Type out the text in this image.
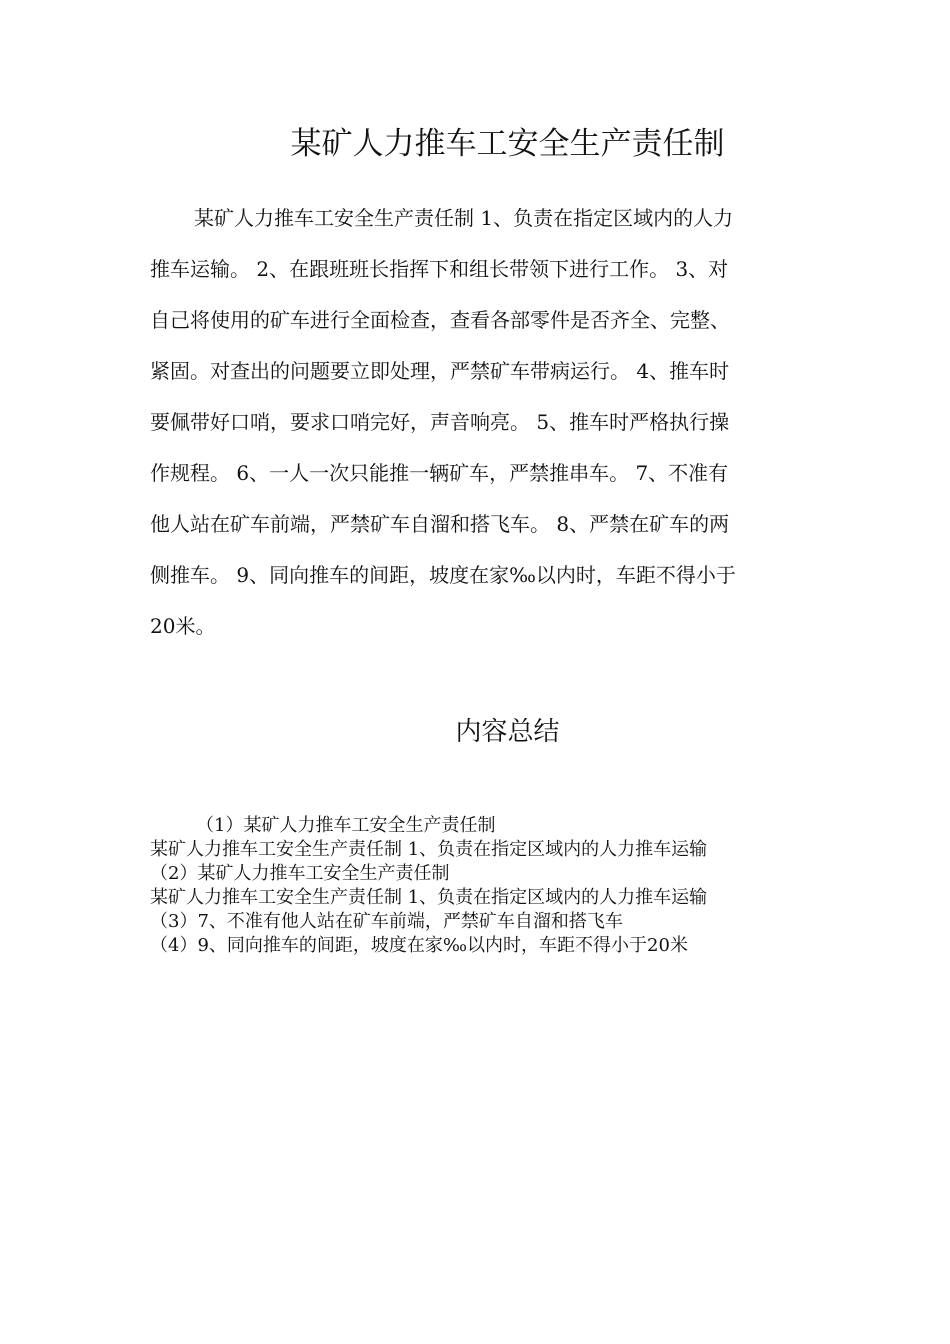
某矿人力推车工安全生产责任制

某矿人力推车工安全生产责任制 1、负责在指定区域内的人力
推车运输。 2、在跟班班长指挥下和组长带领下进行工作。 3、对
自己将使用的矿车进行全面检查，查看各部零件是否齐全、完整、
紧固。对查出的问题要立即处理，严禁矿车带病运行。 4、推车时
要佩带好口哨，要求口哨完好，声音响亮。 5、推车时严格执行操
作规程。 6、一人一次只能推一辆矿车，严禁推串车。 7、不准有
他人站在矿车前端，严禁矿车自溜和搭飞车。 8、严禁在矿车的两
侧推车。 9、同向推车的间距，坡度在家‰以内时，车距不得小于
20米。

内容总结
（1）某矿人力推车工安全生产责任制
某矿人力推车工安全生产责任制 1、负责在指定区域内的人力推车运输
（2）某矿人力推车工安全生产责任制
某矿人力推车工安全生产责任制 1、负责在指定区域内的人力推车运输
（3）7、不准有他人站在矿车前端，严禁矿车自溜和搭飞车
（4）9、同向推车的间距，坡度在家‰以内时，车距不得小于20米
